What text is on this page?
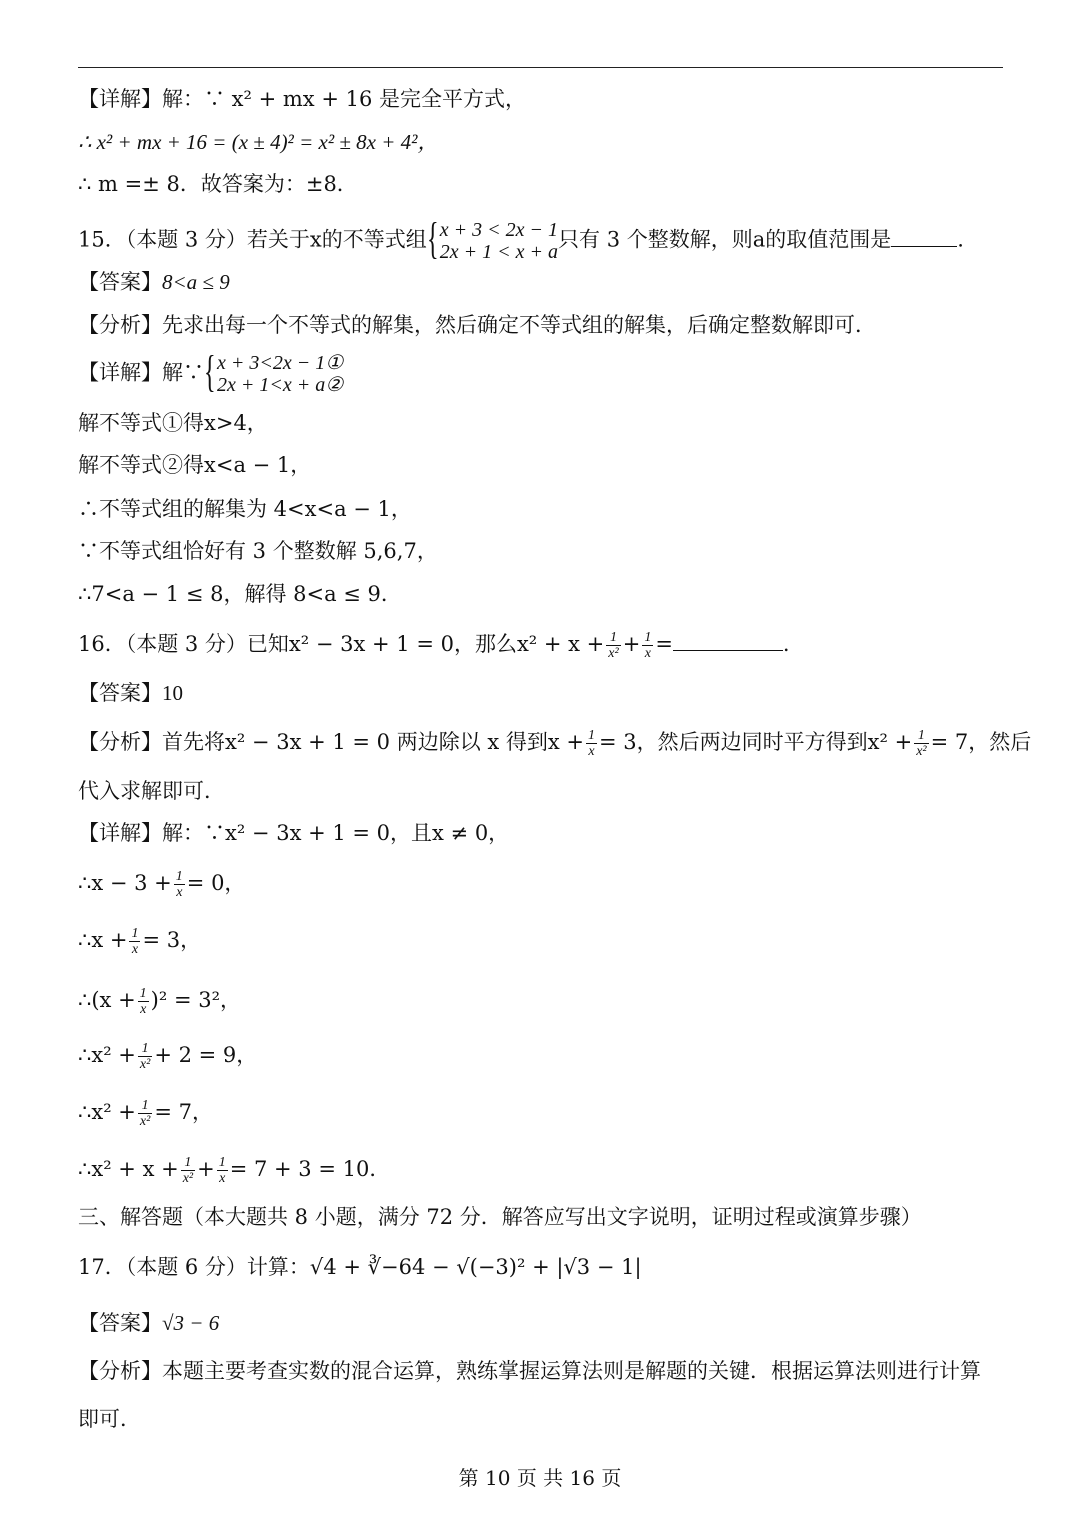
【详解】解：∵ x² + mx + 16 是完全平方式，
∴ x² + mx + 16 = (x ± 4)² = x² ± 8x + 4²，
∴ m =± 8．故答案为：±8．
15．（本题 3 分）若关于x的不等式组 { x + 3 < 2x − 1
2x + 1 < x + a
只有 3 个整数解，则a的取值范围是	.
【答案】8<a ≤ 9
【分析】先求出每一个不等式的解集，然后确定不等式组的解集，后确定整数解即可．
【详解】解∵ { x + 3<2x − 1①
2x + 1<x + a②
解不等式①得x>4，
解不等式②得x<a − 1，
∴不等式组的解集为 4<x<a − 1，
∵不等式组恰好有 3 个整数解 5,6,7，
∴7<a − 1 ≤ 8，解得 8<a ≤ 9．
16．（本题 3 分）已知x² − 3x + 1 = 0，那么$x^2 + x + \frac{1}{\text{x²}} + \frac{1}{x}$ =	.
【答案】10
【分析】首先将x² − 3x + 1 = 0 两边除以 x 得到$x + \frac{1}{x} = 3$，然后两边同时平方得到$x^2 + \frac{1}{\text{x²}} = 7$，然后
代入求解即可．
【详解】解：∵x² − 3x + 1 = 0，且x ≠ 0，
∴x − $3 + \frac{1}{x} = 0$，
∴x + $\frac{1}{x} = 3$，
∴(x + $\frac{1}{x} )^2 = 3^2$，
∴x² + $\frac{1}{\text{x²}} + 2 = 9$，
∴x² + $\frac{1}{\text{x²}} = 7$，
∴x² + $x + \frac{1}{\text{x²}} + \frac{1}{x} = 7 + 3 = 10$．
三、解答题（本大题共 8 小题，满分 72 分．解答应写出文字说明，证明过程或演算步骤）
17．（本题 6 分）计算：√4 + ∛−64 − √(−3)² + |√3 − 1|
【答案】√3 − 6
【分析】本题主要考查实数的混合运算，熟练掌握运算法则是解题的关键．根据运算法则进行计算
即可．
第 10 页 共 16 页
